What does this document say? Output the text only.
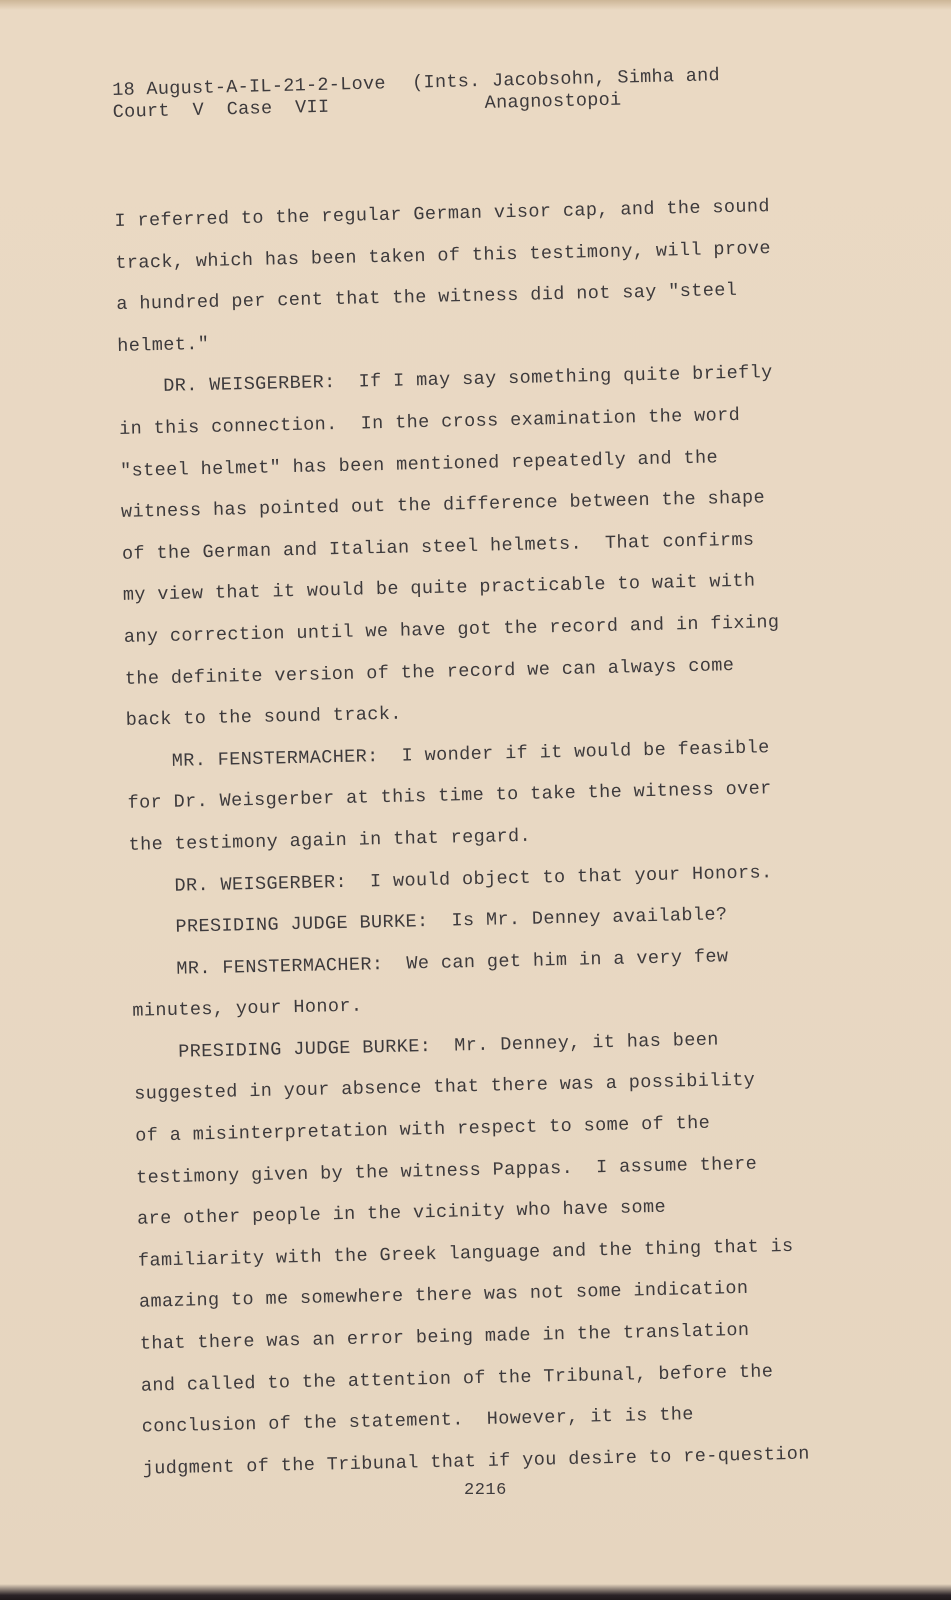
18 August-A-IL-21-2-Love	(Ints. Jacobsohn, Simha and
Court  V  Case  VII	Anagnostopoi
I referred to the regular German visor cap, and the sound
track, which has been taken of this testimony, will prove
a hundred per cent that the witness did not say "steel
helmet."
DR. WEISGERBER:  If I may say something quite briefly
in this connection.  In the cross examination the word
"steel helmet" has been mentioned repeatedly and the
witness has pointed out the difference between the shape
of the German and Italian steel helmets.  That confirms
my view that it would be quite practicable to wait with
any correction until we have got the record and in fixing
the definite version of the record we can always come
back to the sound track.
MR. FENSTERMACHER:  I wonder if it would be feasible
for Dr. Weisgerber at this time to take the witness over
the testimony again in that regard.
DR. WEISGERBER:  I would object to that your Honors.
PRESIDING JUDGE BURKE:  Is Mr. Denney available?
MR. FENSTERMACHER:  We can get him in a very few
minutes, your Honor.
PRESIDING JUDGE BURKE:  Mr. Denney, it has been
suggested in your absence that there was a possibility
of a misinterpretation with respect to some of the
testimony given by the witness Pappas.  I assume there
are other people in the vicinity who have some
familiarity with the Greek language and the thing that is
amazing to me somewhere there was not some indication
that there was an error being made in the translation
and called to the attention of the Tribunal, before the
conclusion of the statement.  However, it is the
judgment of the Tribunal that if you desire to re-question
2216
